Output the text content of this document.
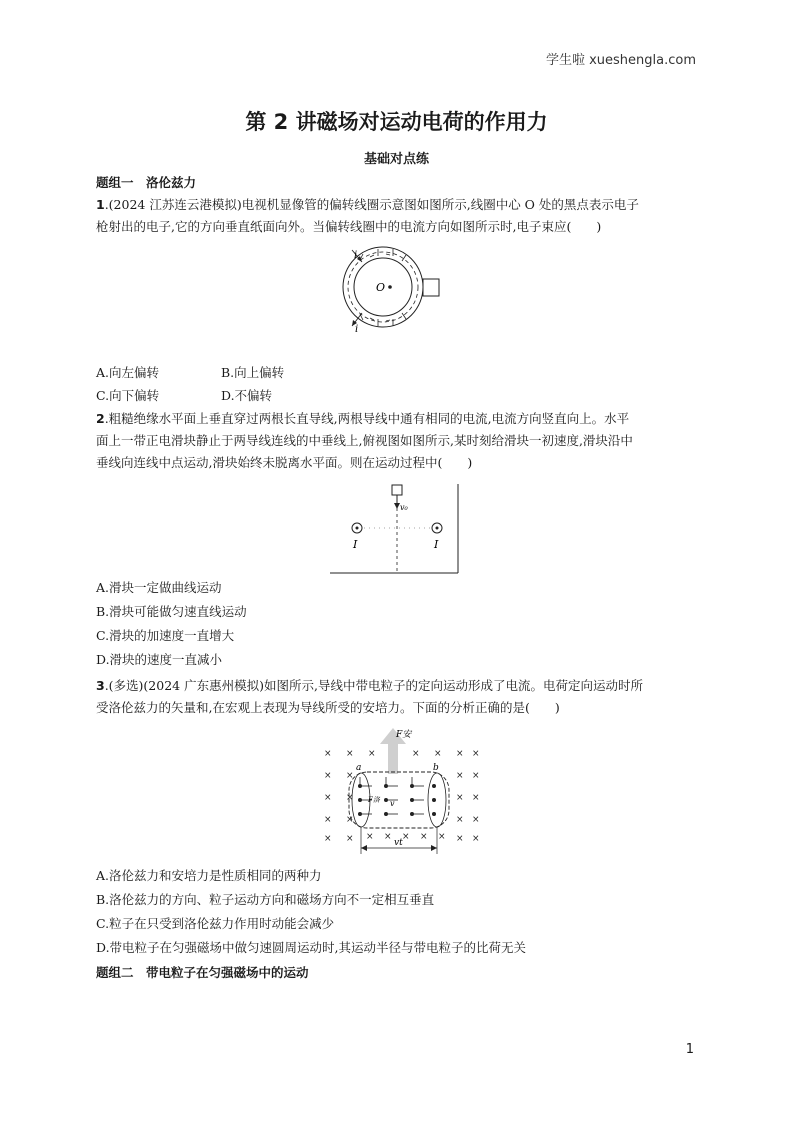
学生啦 xueshengla.com
第 2 讲磁场对运动电荷的作用力
基础对点练
题组一　洛伦兹力
1.(2024 江苏连云港模拟)电视机显像管的偏转线圈示意图如图所示,线圈中心 O 处的黑点表示电子
枪射出的电子,它的方向垂直纸面向外。当偏转线圈中的电流方向如图所示时,电子束应(　　)
i
i
O
A.向左偏转	B.向上偏转
C.向下偏转	D.不偏转
2.粗糙绝缘水平面上垂直穿过两根长直导线,两根导线中通有相同的电流,电流方向竖直向上。水平
面上一带正电滑块静止于两导线连线的中垂线上,俯视图如图所示,某时刻给滑块一初速度,滑块沿中
垂线向连线中点运动,滑块始终未脱离水平面。则在运动过程中(　　)
v₀
I	I
A.滑块一定做曲线运动
B.滑块可能做匀速直线运动
C.滑块的加速度一直增大
D.滑块的速度一直减小
3.(多选)(2024 广东惠州模拟)如图所示,导线中带电粒子的定向运动形成了电流。电荷定向运动时所
受洛伦兹力的矢量和,在宏观上表现为导线所受的安培力。下面的分析正确的是(　　)
× × ×	× × × ×
× ×	× ×
× ×	× ×
× ×	× ×
× ×	× ×
× × × × ×
F安
a	b
v
F洛
vt
A.洛伦兹力和安培力是性质相同的两种力
B.洛伦兹力的方向、粒子运动方向和磁场方向不一定相互垂直
C.粒子在只受到洛伦兹力作用时动能会减少
D.带电粒子在匀强磁场中做匀速圆周运动时,其运动半径与带电粒子的比荷无关
题组二　带电粒子在匀强磁场中的运动
1
